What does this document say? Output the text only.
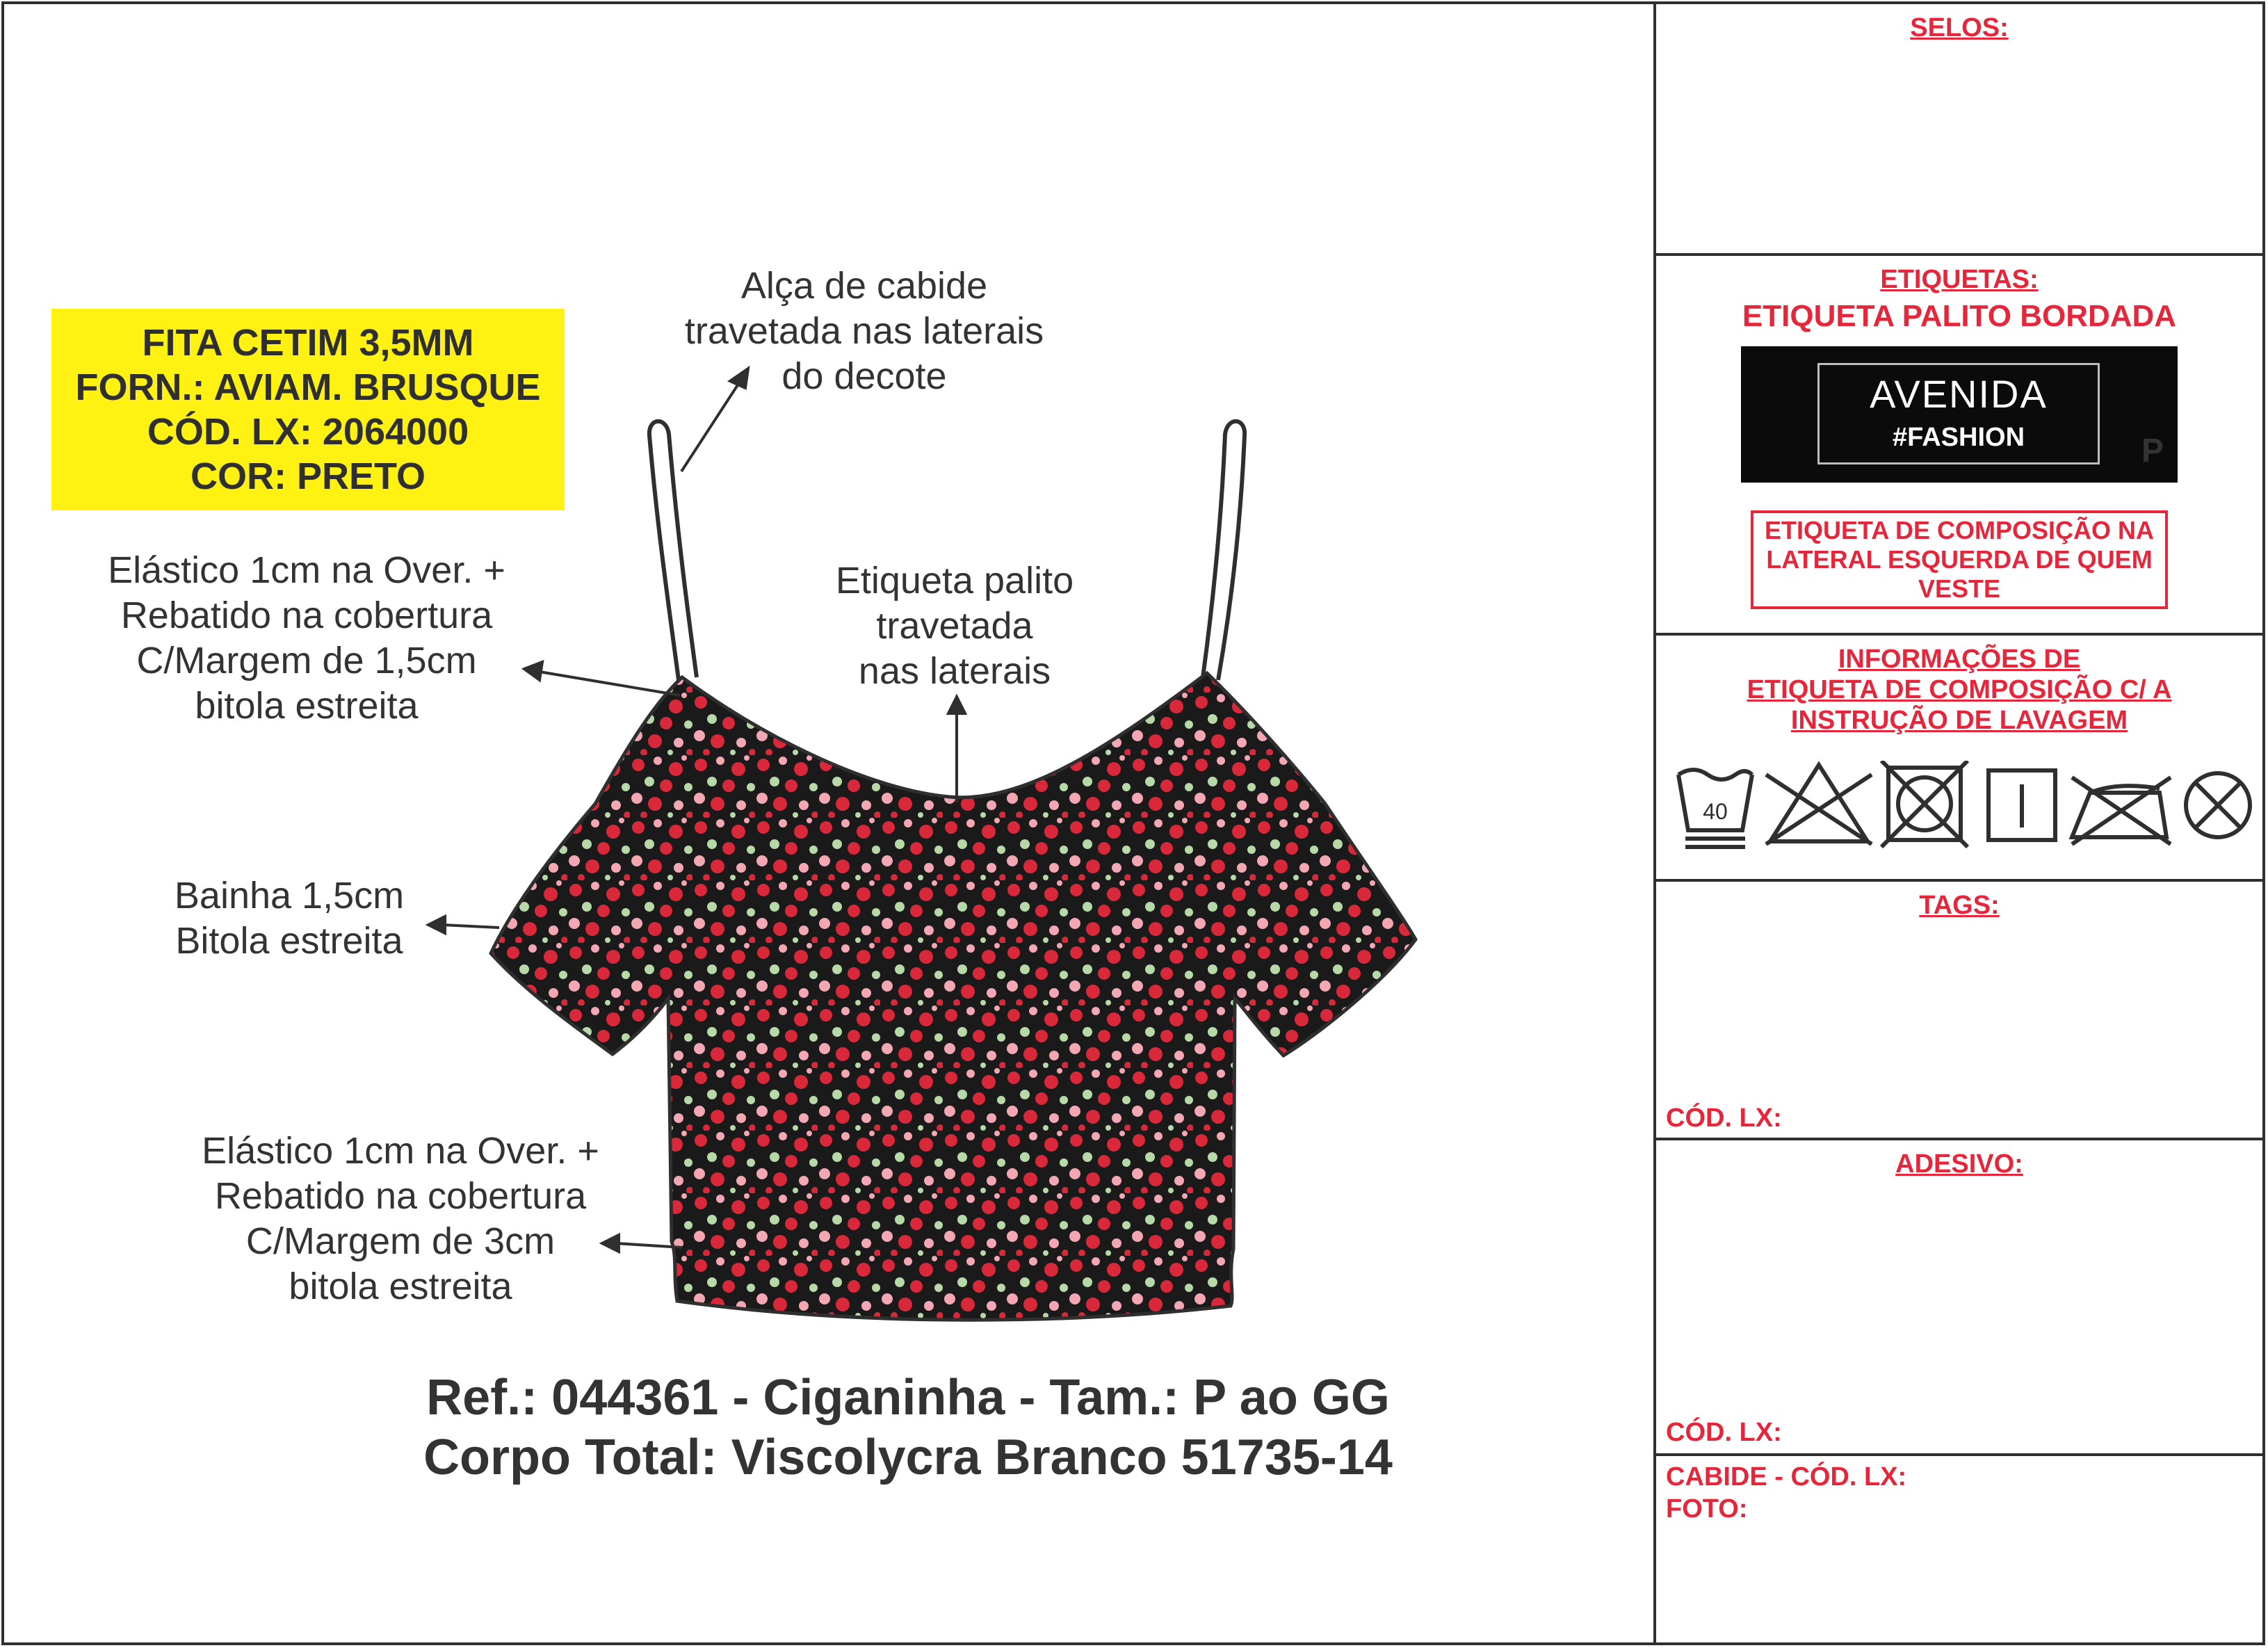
FITA CETIM 3,5MM
FORN.: AVIAM. BRUSQUE
CÓD. LX: 2064000
COR: PRETO
Alça de cabide
travetada nas laterais
do decote
Elástico 1cm na Over. +
Rebatido na cobertura
C/Margem de 1,5cm
bitola estreita
Etiqueta palito
travetada
nas laterais
Bainha 1,5cm
Bitola estreita
Elástico 1cm na Over. +
Rebatido na cobertura
C/Margem de 3cm
bitola estreita
Ref.: 044361 - Ciganinha - Tam.: P ao GG
Corpo Total: Viscolycra Branco 51735-14
SELOS:
ETIQUETAS:
ETIQUETA PALITO BORDADA
AVENIDA
#FASHION	P
ETIQUETA DE COMPOSIÇÃO NA
LATERAL ESQUERDA DE QUEM
VESTE
INFORMAÇÕES DE
ETIQUETA DE COMPOSIÇÃO C/ A
INSTRUÇÃO DE LAVAGEM
40
TAGS:
CÓD. LX:
ADESIVO:
CÓD. LX:
CABIDE - CÓD. LX:
FOTO:
